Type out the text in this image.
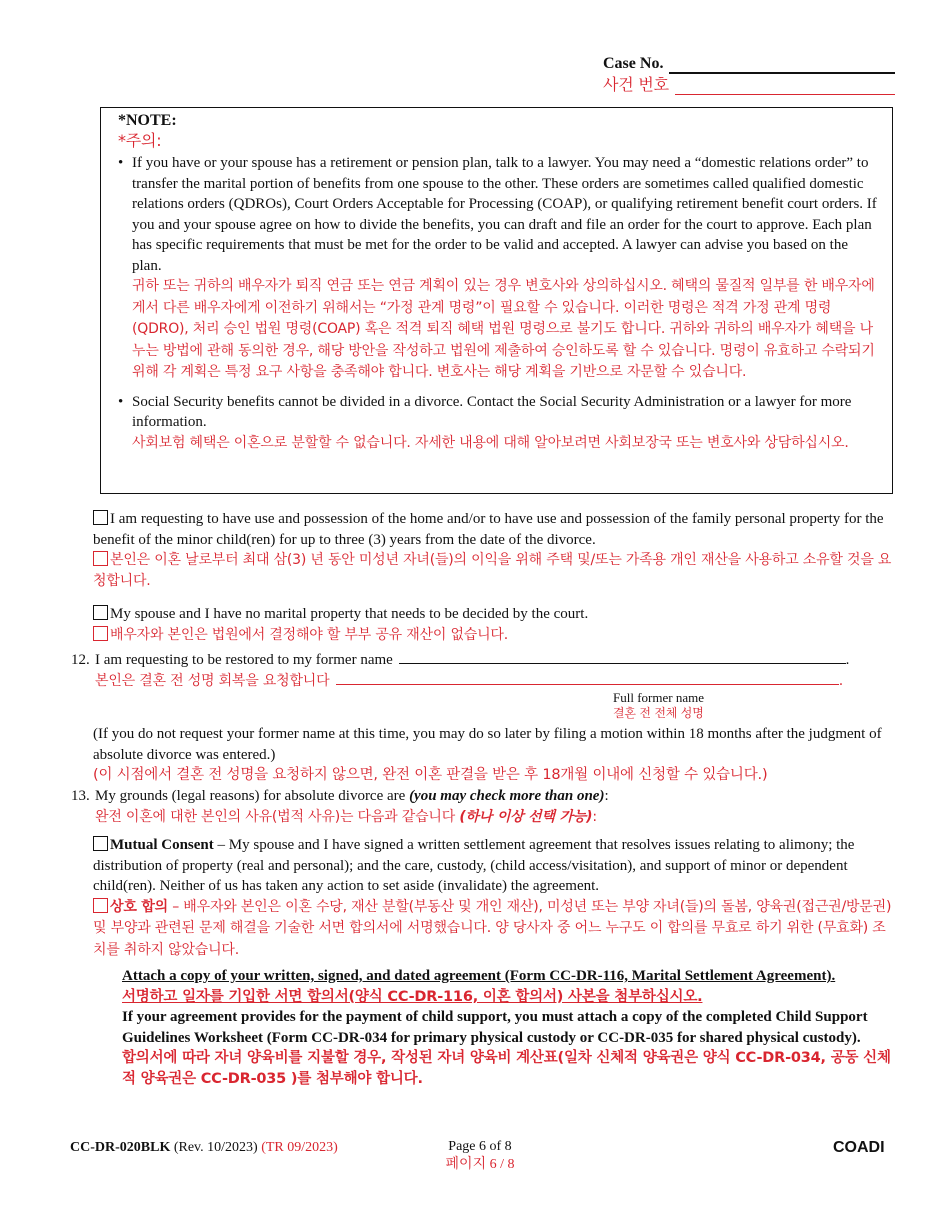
Case No.
사건 번호
*NOTE:
*주의:
• If you have or your spouse has a retirement or pension plan, talk to a lawyer. You may need a “domestic relations order” to transfer the marital portion of benefits from one spouse to the other. These orders are sometimes called qualified domestic relations orders (QDROs), Court Orders Acceptable for Processing (COAP), or qualifying retirement benefit court orders. If you and your spouse agree on how to divide the benefits, you can draft and file an order for the court to approve. Each plan has specific requirements that must be met for the order to be valid and accepted. A lawyer can advise you based on the plan.
귀하 또는 귀하의 배우자가 퇴직 연금 또는 연금 계획이 있는 경우 변호사와 상의하십시오. 혜택의 물질적 일부를 한 배우자에게서 다른 배우자에게 이전하기 위해서는 “가정 관계 명령”이 필요할 수 있습니다. 이러한 명령은 적격 가정 관계 명령(QDRO), 처리 승인 법원 명령(COAP) 혹은 적격 퇴직 혜택 법원 명령으로 불기도 합니다. 귀하와 귀하의 배우자가 혜택을 나누는 방법에 관해 동의한 경우, 해당 방안을 작성하고 법원에 제출하여 승인하도록 할 수 있습니다. 명령이 유효하고 수락되기 위해 각 계획은 특정 요구 사항을 충족해야 합니다. 변호사는 해당 계획을 기반으로 자문할 수 있습니다.
• Social Security benefits cannot be divided in a divorce. Contact the Social Security Administration or a lawyer for more information.
사회보험 혜택은 이혼으로 분할할 수 없습니다. 자세한 내용에 대해 알아보려면 사회보장국 또는 변호사와 상담하십시오.
I am requesting to have use and possession of the home and/or to have use and possession of the family personal property for the benefit of the minor child(ren) for up to three (3) years from the date of the divorce.
본인은 이혼 날로부터 최대 삼(3) 년 동안 미성년 자녀(들)의 이익을 위해 주택 및/또는 가족용 개인 재산을 사용하고 소유할 것을 요청합니다.
My spouse and I have no marital property that needs to be decided by the court.
배우자와 본인은 법원에서 결정해야 할 부부 공유 재산이 없습니다.
12. I am requesting to be restored to my former name	.
본인은 결혼 전 성명 회복을 요청합니다	.
Full former name
결혼 전 전체 성명
(If you do not request your former name at this time, you may do so later by filing a motion within 18 months after the judgment of absolute divorce was entered.)
(이 시점에서 결혼 전 성명을 요청하지 않으면, 완전 이혼 판결을 받은 후 18개월 이내에 신청할 수 있습니다.)
13. My grounds (legal reasons) for absolute divorce are (you may check more than one):
완전 이혼에 대한 본인의 사유(법적 사유)는 다음과 같습니다 (하나 이상 선택 가능):
Mutual Consent – My spouse and I have signed a written settlement agreement that resolves issues relating to alimony; the distribution of property (real and personal); and the care, custody, (child access/visitation), and support of minor or dependent child(ren). Neither of us has taken any action to set aside (invalidate) the agreement.
상호 합의 – 배우자와 본인은 이혼 수당, 재산 분할(부동산 및 개인 재산), 미성년 또는 부양 자녀(들)의 돌봄, 양육권(접근권/방문권) 및 부양과 관련된 문제 해결을 기술한 서면 합의서에 서명했습니다. 양 당사자 중 어느 누구도 이 합의를 무효로 하기 위한 (무효화) 조치를 취하지 않았습니다.
Attach a copy of your written, signed, and dated agreement (Form CC-DR-116, Marital Settlement Agreement).
서명하고 일자를 기입한 서면 합의서(양식 CC-DR-116, 이혼 합의서) 사본을 첨부하십시오.
If your agreement provides for the payment of child support, you must attach a copy of the completed Child Support Guidelines Worksheet (Form CC-DR-034 for primary physical custody or CC-DR-035 for shared physical custody).
합의서에 따라 자녀 양육비를 지불할 경우, 작성된 자녀 양육비 계산표(일차 신체적 양육권은 양식 CC-DR-034, 공동 신체적 양육권은 CC-DR-035 )를 첨부해야 합니다.
CC-DR-020BLK (Rev. 10/2023) (TR 09/2023)	Page 6 of 8
페이지 6 / 8
COADI
